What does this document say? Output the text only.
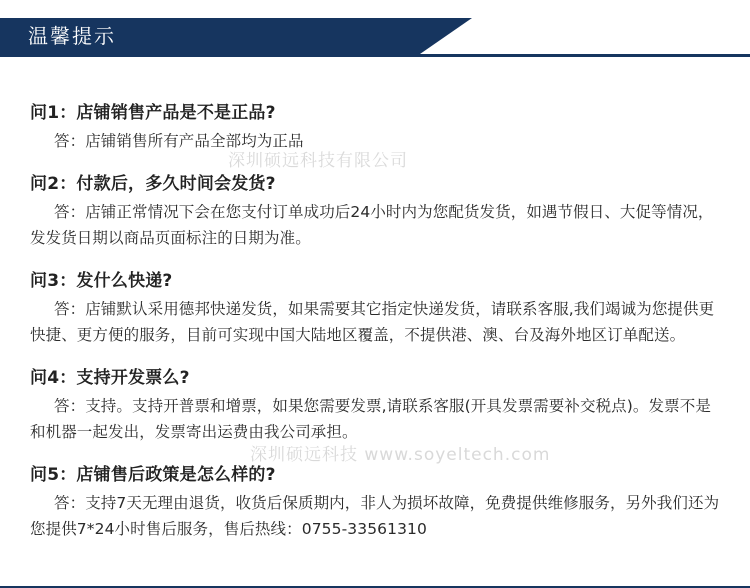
温馨提示
深圳硕远科技有限公司
深圳硕远科技 www.soyeltech.com
问1：店铺销售产品是不是正品?
答：店铺销售所有产品全部均为正品
问2：付款后，多久时间会发货?
答：店铺正常情况下会在您支付订单成功后24小时内为您配货发货，如遇节假日、大促等情况，发发货日期以商品页面标注的日期为准。
问3：发什么快递?
答：店铺默认采用德邦快递发货，如果需要其它指定快递发货，请联系客服,我们竭诚为您提供更快捷、更方便的服务，目前可实现中国大陆地区覆盖，不提供港、澳、台及海外地区订单配送。
问4：支持开发票么?
答：支持。支持开普票和增票，如果您需要发票,请联系客服(开具发票需要补交税点)。发票不是和机器一起发出，发票寄出运费由我公司承担。
问5：店铺售后政策是怎么样的?
答：支持7天无理由退货，收货后保质期内，非人为损坏故障，免费提供维修服务，另外我们还为您提供7*24小时售后服务，售后热线：0755-33561310
